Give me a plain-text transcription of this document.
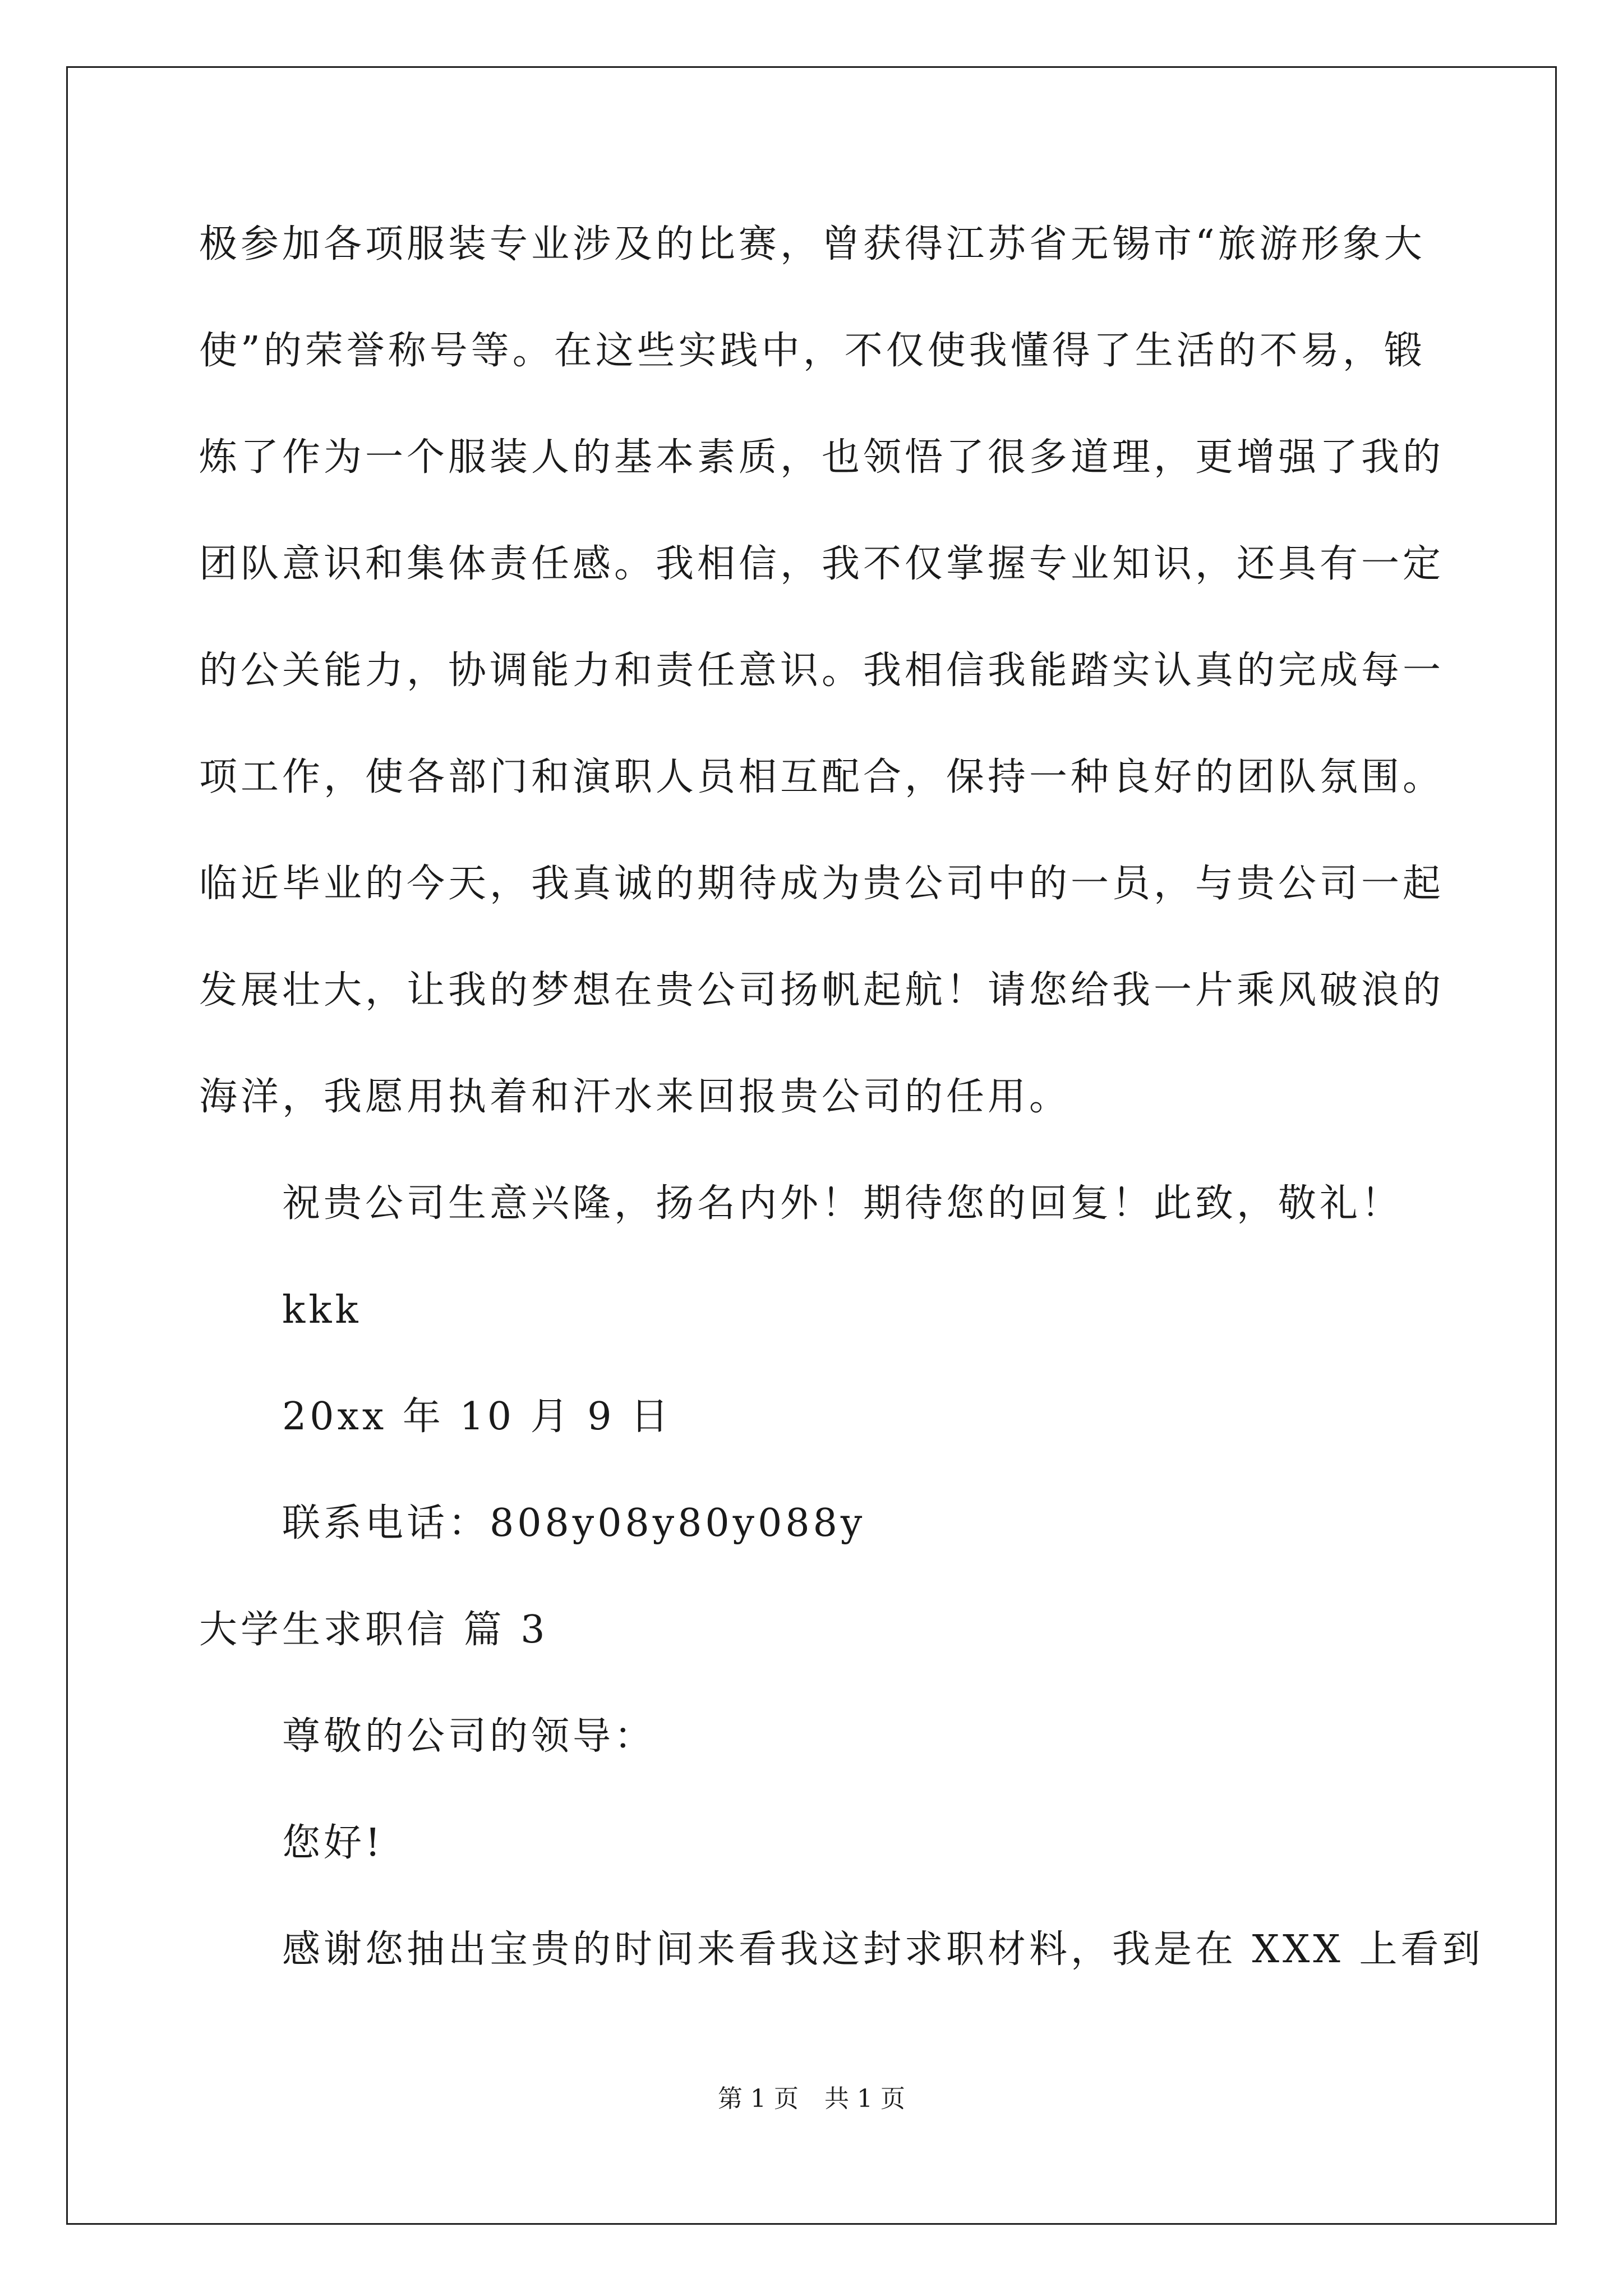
极参加各项服装专业涉及的比赛，曾获得江苏省无锡市“旅游形象大
使”的荣誉称号等。在这些实践中，不仅使我懂得了生活的不易，锻
炼了作为一个服装人的基本素质，也领悟了很多道理，更增强了我的
团队意识和集体责任感。我相信，我不仅掌握专业知识，还具有一定
的公关能力，协调能力和责任意识。我相信我能踏实认真的完成每一
项工作，使各部门和演职人员相互配合，保持一种良好的团队氛围。
临近毕业的今天，我真诚的期待成为贵公司中的一员，与贵公司一起
发展壮大，让我的梦想在贵公司扬帆起航！请您给我一片乘风破浪的
海洋，我愿用执着和汗水来回报贵公司的任用。
祝贵公司生意兴隆，扬名内外！期待您的回复！此致，敬礼！
kkk
20xx 年 10 月 9 日
联系电话：808y08y80y088y
大学生求职信 篇 3
尊敬的公司的领导：
您好!
感谢您抽出宝贵的时间来看我这封求职材料，我是在 XXX 上看到
第 1 页 共 1 页
